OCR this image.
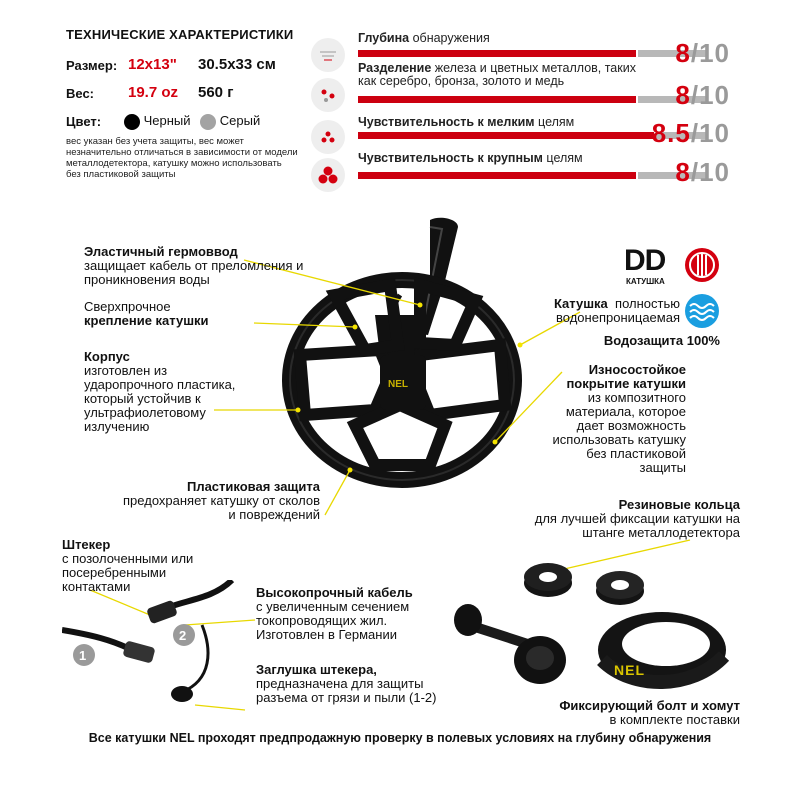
ТЕХНИЧЕСКИЕ ХАРАКТЕРИСТИКИ
Размер: 12x13" 30.5x33 см
Вес: 19.7 oz 560 г
Цвет:	Черный Серый
вес указан без учета защиты, вес может незначительно отличаться в зависимости от модели металлодетектора, катушку можно использовать без пластиковой защиты
Глубина обнаружения	8/10
Разделение железа и цветных металлов, таких как серебро, бронза, золото и медь	8/10
Чувствительность к мелким целям	8.5/10
Чувствительность к крупным целям	8/10
NEL
Эластичный гермоввод
защищает кабель от преломления и проникновения воды
Сверхпрочное
крепление катушки
Корпус
изготовлен из ударопрочного пластика, который устойчив к ультрафиолетовому излучению
Пластиковая защита
предохраняет катушку от сколов и повреждений
DD
КАТУШКА
Катушка полностью водонепроницаемая
Водозащита 100%
Износостойкое покрытие катушки
из композитного материала, которое дает возможность использовать катушку без пластиковой защиты
Резиновые кольца
для лучшей фиксации катушки на штанге металлодетектора
Штекер
с позолоченными или посеребренными контактами
1
2
Высокопрочный кабель
с увеличенным сечением токопроводящих жил. Изготовлен в Германии
Заглушка штекера,
предназначена для защиты разъема от грязи и пыли (1-2)
NEL
Фиксирующий болт и хомут
в комплекте поставки
Все катушки NEL проходят предпродажную проверку в полевых условиях на глубину обнаружения
